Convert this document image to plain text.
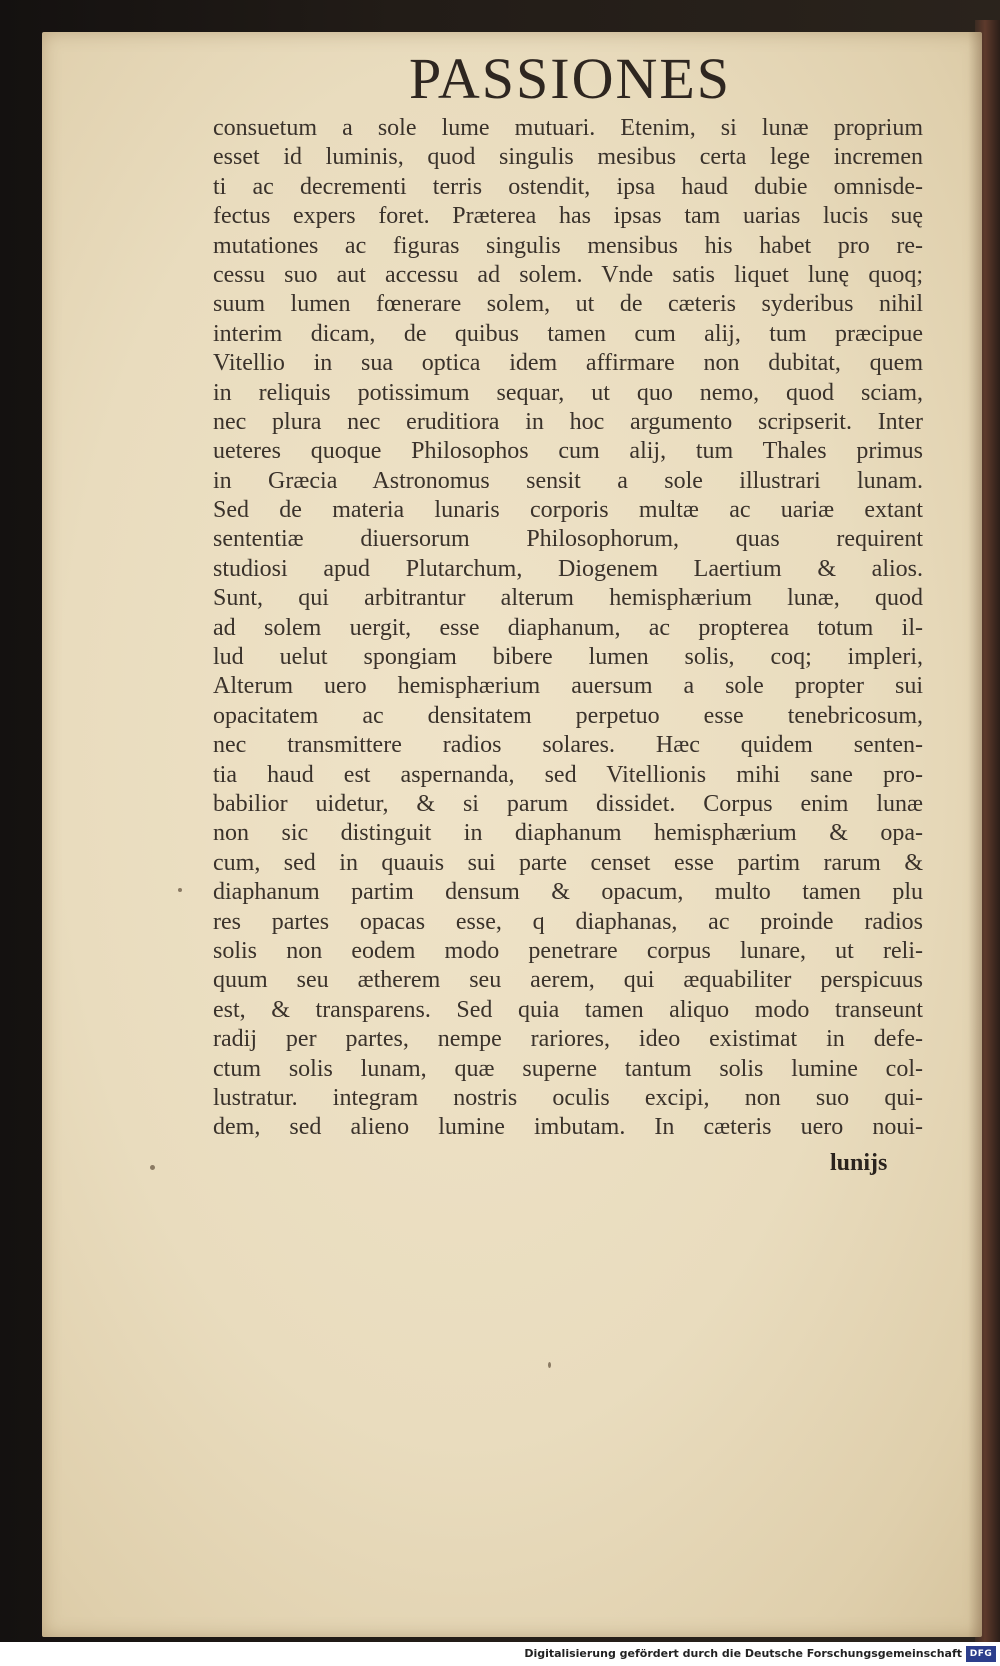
PASSIONES
consuetum a sole lume mutuari. Etenim, si lunæ proprium
esset id luminis, quod singulis mesibus certa lege incremen
ti ac decrementi terris ostendit, ipsa haud dubie omnisde-
fectus expers foret. Præterea has ipsas tam uarias lucis suę
mutationes ac figuras singulis mensibus his habet pro re-
cessu suo aut accessu ad solem. Vnde satis liquet lunę quoq;
suum lumen fœnerare solem, ut de cæteris syderibus nihil
interim dicam, de quibus tamen cum alij, tum præcipue
Vitellio in sua optica idem affirmare non dubitat, quem
in reliquis potissimum sequar, ut quo nemo, quod sciam,
nec plura nec eruditiora in hoc argumento scripserit. Inter
ueteres quoque Philosophos cum alij, tum Thales primus
in Græcia Astronomus sensit a sole illustrari lunam.
Sed de materia lunaris corporis multæ ac uariæ extant
sententiæ diuersorum Philosophorum, quas requirent
studiosi apud Plutarchum, Diogenem Laertium & alios.
Sunt, qui arbitrantur alterum hemisphærium lunæ, quod
ad solem uergit, esse diaphanum, ac propterea totum il-
lud uelut spongiam bibere lumen solis, coq; impleri,
Alterum uero hemisphærium auersum a sole propter sui
opacitatem ac densitatem perpetuo esse tenebricosum,
nec transmittere radios solares. Hæc quidem senten-
tia haud est aspernanda, sed Vitellionis mihi sane pro-
babilior uidetur, & si parum dissidet. Corpus enim lunæ
non sic distinguit in diaphanum hemisphærium & opa-
cum, sed in quauis sui parte censet esse partim rarum &
diaphanum partim densum & opacum, multo tamen plu
res partes opacas esse, q diaphanas, ac proinde radios
solis non eodem modo penetrare corpus lunare, ut reli-
quum seu ætherem seu aerem, qui æquabiliter perspicuus
est, & transparens. Sed quia tamen aliquo modo transeunt
radij per partes, nempe rariores, ideo existimat in defe-
ctum solis lunam, quæ superne tantum solis lumine col-
lustratur. integram nostris oculis excipi, non suo qui-
dem, sed alieno lumine imbutam. In cæteris uero noui-
lunijs
Digitalisierung gefördert durch die Deutsche Forschungsgemeinschaft DFG
